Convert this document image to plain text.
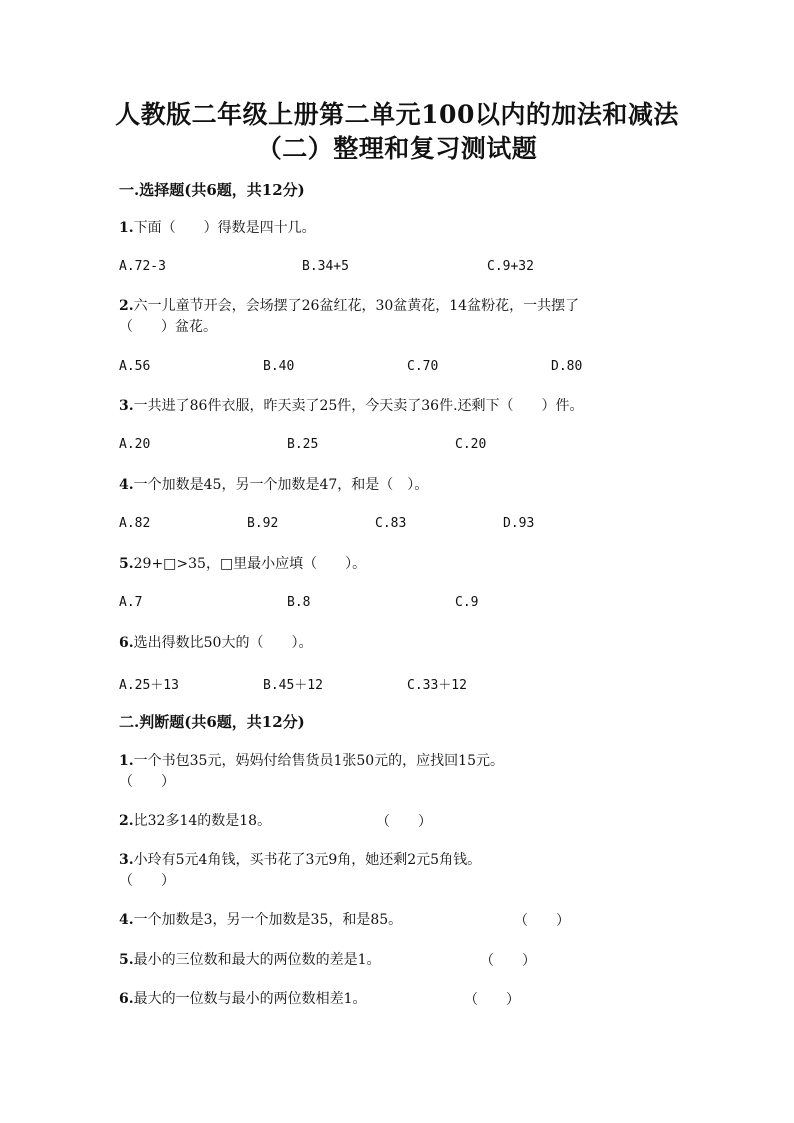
人教版二年级上册第二单元100以内的加法和减法
（二）整理和复习测试题
一.选择题(共6题，共12分)
1.下面（　　）得数是四十几。
A.72-3	B.34+5	C.9+32
2.六一儿童节开会，会场摆了26盆红花，30盆黄花，14盆粉花，一共摆了
（　　）盆花。
A.56	B.40	C.70	D.80
3.一共进了86件衣服，昨天卖了25件，今天卖了36件.还剩下（　　）件。
A.20	B.25	C.20
4.一个加数是45，另一个加数是47，和是（　）。
A.82	B.92	C.83	D.93
5.29+□>35，□里最小应填（　　）。
A.7	B.8	C.9
6.选出得数比50大的（　　）。
A.25＋13	B.45＋12	C.33＋12
二.判断题(共6题，共12分)
1.一个书包35元，妈妈付给售货员1张50元的，应找回15元。
（　　）
2.比32多14的数是18。	（　　）
3.小玲有5元4角钱，买书花了3元9角，她还剩2元5角钱。
（　　）
4.一个加数是3，另一个加数是35，和是85。	（　　）
5.最小的三位数和最大的两位数的差是1。	（　　）
6.最大的一位数与最小的两位数相差1。	（　　）
